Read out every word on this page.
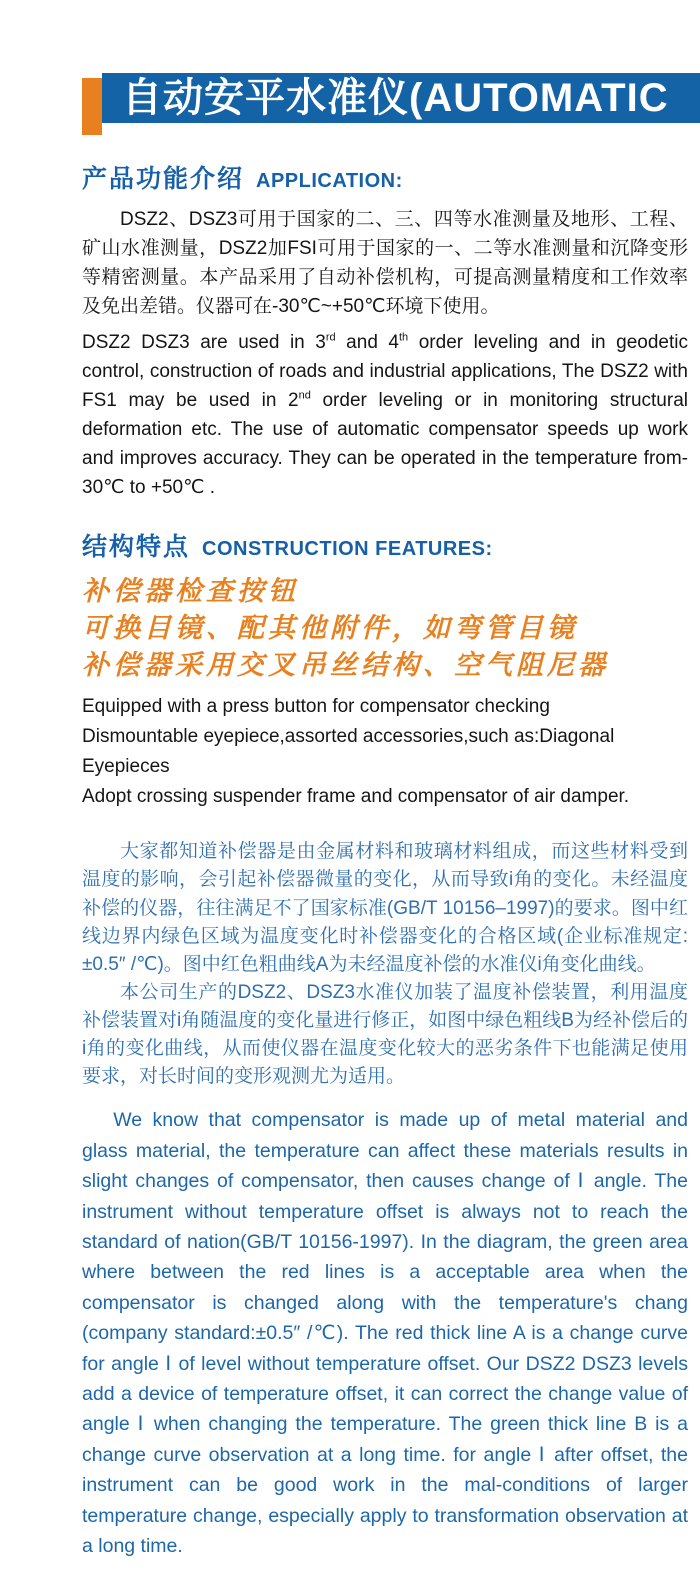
自动安平水准仪(AUTOMATIC
产品功能介绍 APPLICATION:

DSZ2、DSZ3可用于国家的二、三、四等水准测量及地形、工程、矿山水准测量，DSZ2加FSI可用于国家的一、二等水准测量和沉降变形等精密测量。本产品采用了自动补偿机构，可提高测量精度和工作效率及免出差错。仪器可在-30℃~+50℃环境下使用。

DSZ2 DSZ3 are used in 3rd and 4th order leveling and in geodetic control, construction of roads and industrial applications, The DSZ2 with FS1 may be used in 2nd order leveling or in monitoring structural deformation etc. The use of automatic compensator speeds up work and improves accuracy. They can be operated in the temperature from-30℃ to +50℃ .

结构特点 CONSTRUCTION FEATURES:

补偿器检查按钮

可换目镜、配其他附件，如弯管目镜

补偿器采用交叉吊丝结构、空气阻尼器

Equipped with a press button for compensator checking

Dismountable eyepiece,assorted accessories,such as:Diagonal Eyepieces

Adopt crossing suspender frame and compensator of air damper.

大家都知道补偿器是由金属材料和玻璃材料组成，而这些材料受到温度的影响，会引起补偿器微量的变化，从而导致i角的变化。未经温度补偿的仪器，往往满足不了国家标准(GB/T 10156–1997)的要求。图中红线边界内绿色区域为温度变化时补偿器变化的合格区域(企业标准规定:±0.5″ /℃)。图中红色粗曲线A为未经温度补偿的水准仪i角变化曲线。

本公司生产的DSZ2、DSZ3水准仪加装了温度补偿装置，利用温度补偿装置对i角随温度的变化量进行修正，如图中绿色粗线B为经补偿后的i角的变化曲线，从而使仪器在温度变化较大的恶劣条件下也能满足使用要求，对长时间的变形观测尤为适用。

We know that compensator is made up of metal material and glass material, the temperature can affect these materials results in slight changes of compensator, then causes change of Ⅰ angle. The instrument without temperature offset is always not to reach the standard of nation(GB/T 10156-1997). In the diagram, the green area where between the red lines is a acceptable area when the compensator is changed along with the temperature's chang (company standard:±0.5″ /℃). The red thick line A is a change curve for angle Ⅰ of level without temperature offset. Our DSZ2 DSZ3 levels add a device of temperature offset, it can correct the change value of angle Ⅰ when changing the temperature. The green thick line B is a change curve observation at a long time. for angle Ⅰ after offset, the instrument can be good work in the mal-conditions of larger temperature change, especially apply to transformation observation at a long time.
